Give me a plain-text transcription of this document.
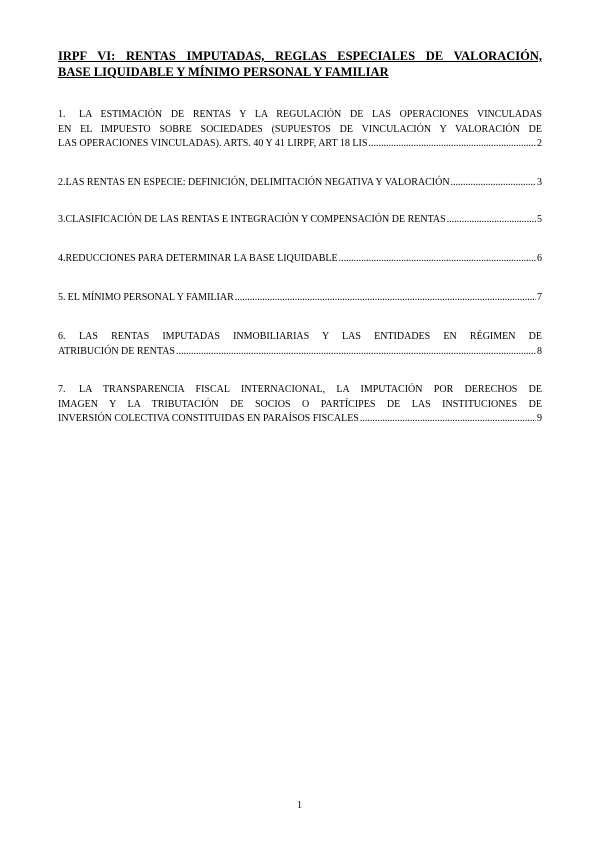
IRPF VI: RENTAS IMPUTADAS, REGLAS ESPECIALES DE VALORACIÓN,
BASE LIQUIDABLE Y MÍNIMO PERSONAL Y FAMILIAR
1. LA ESTIMACIÓN DE RENTAS Y LA REGULACIÓN DE LAS OPERACIONES VINCULADAS
EN EL IMPUESTO SOBRE SOCIEDADES (SUPUESTOS DE VINCULACIÓN Y VALORACIÓN DE
LAS OPERACIONES VINCULADAS). ARTS. 40 Y 41 LIRPF, ART 18 LIS .....	2
2. LAS RENTAS EN ESPECIE: DEFINICIÓN, DELIMITACIÓN NEGATIVA Y VALORACIÓN .....	3
3. CLASIFICACIÓN DE LAS RENTAS E INTEGRACIÓN Y COMPENSACIÓN DE RENTAS .....	5
4. REDUCCIONES PARA DETERMINAR LA BASE LIQUIDABLE .....	6
5. EL MÍNIMO PERSONAL Y FAMILIAR .....	7
6. LAS RENTAS IMPUTADAS INMOBILIARIAS Y LAS ENTIDADES EN RÉGIMEN DE
ATRIBUCIÓN DE RENTAS .....	8
7. LA TRANSPARENCIA FISCAL INTERNACIONAL, LA IMPUTACIÓN POR DERECHOS DE
IMAGEN Y LA TRIBUTACIÓN DE SOCIOS O PARTÍCIPES DE LAS INSTITUCIONES DE
INVERSIÓN COLECTIVA CONSTITUIDAS EN PARAÍSOS FISCALES .....	9
1
